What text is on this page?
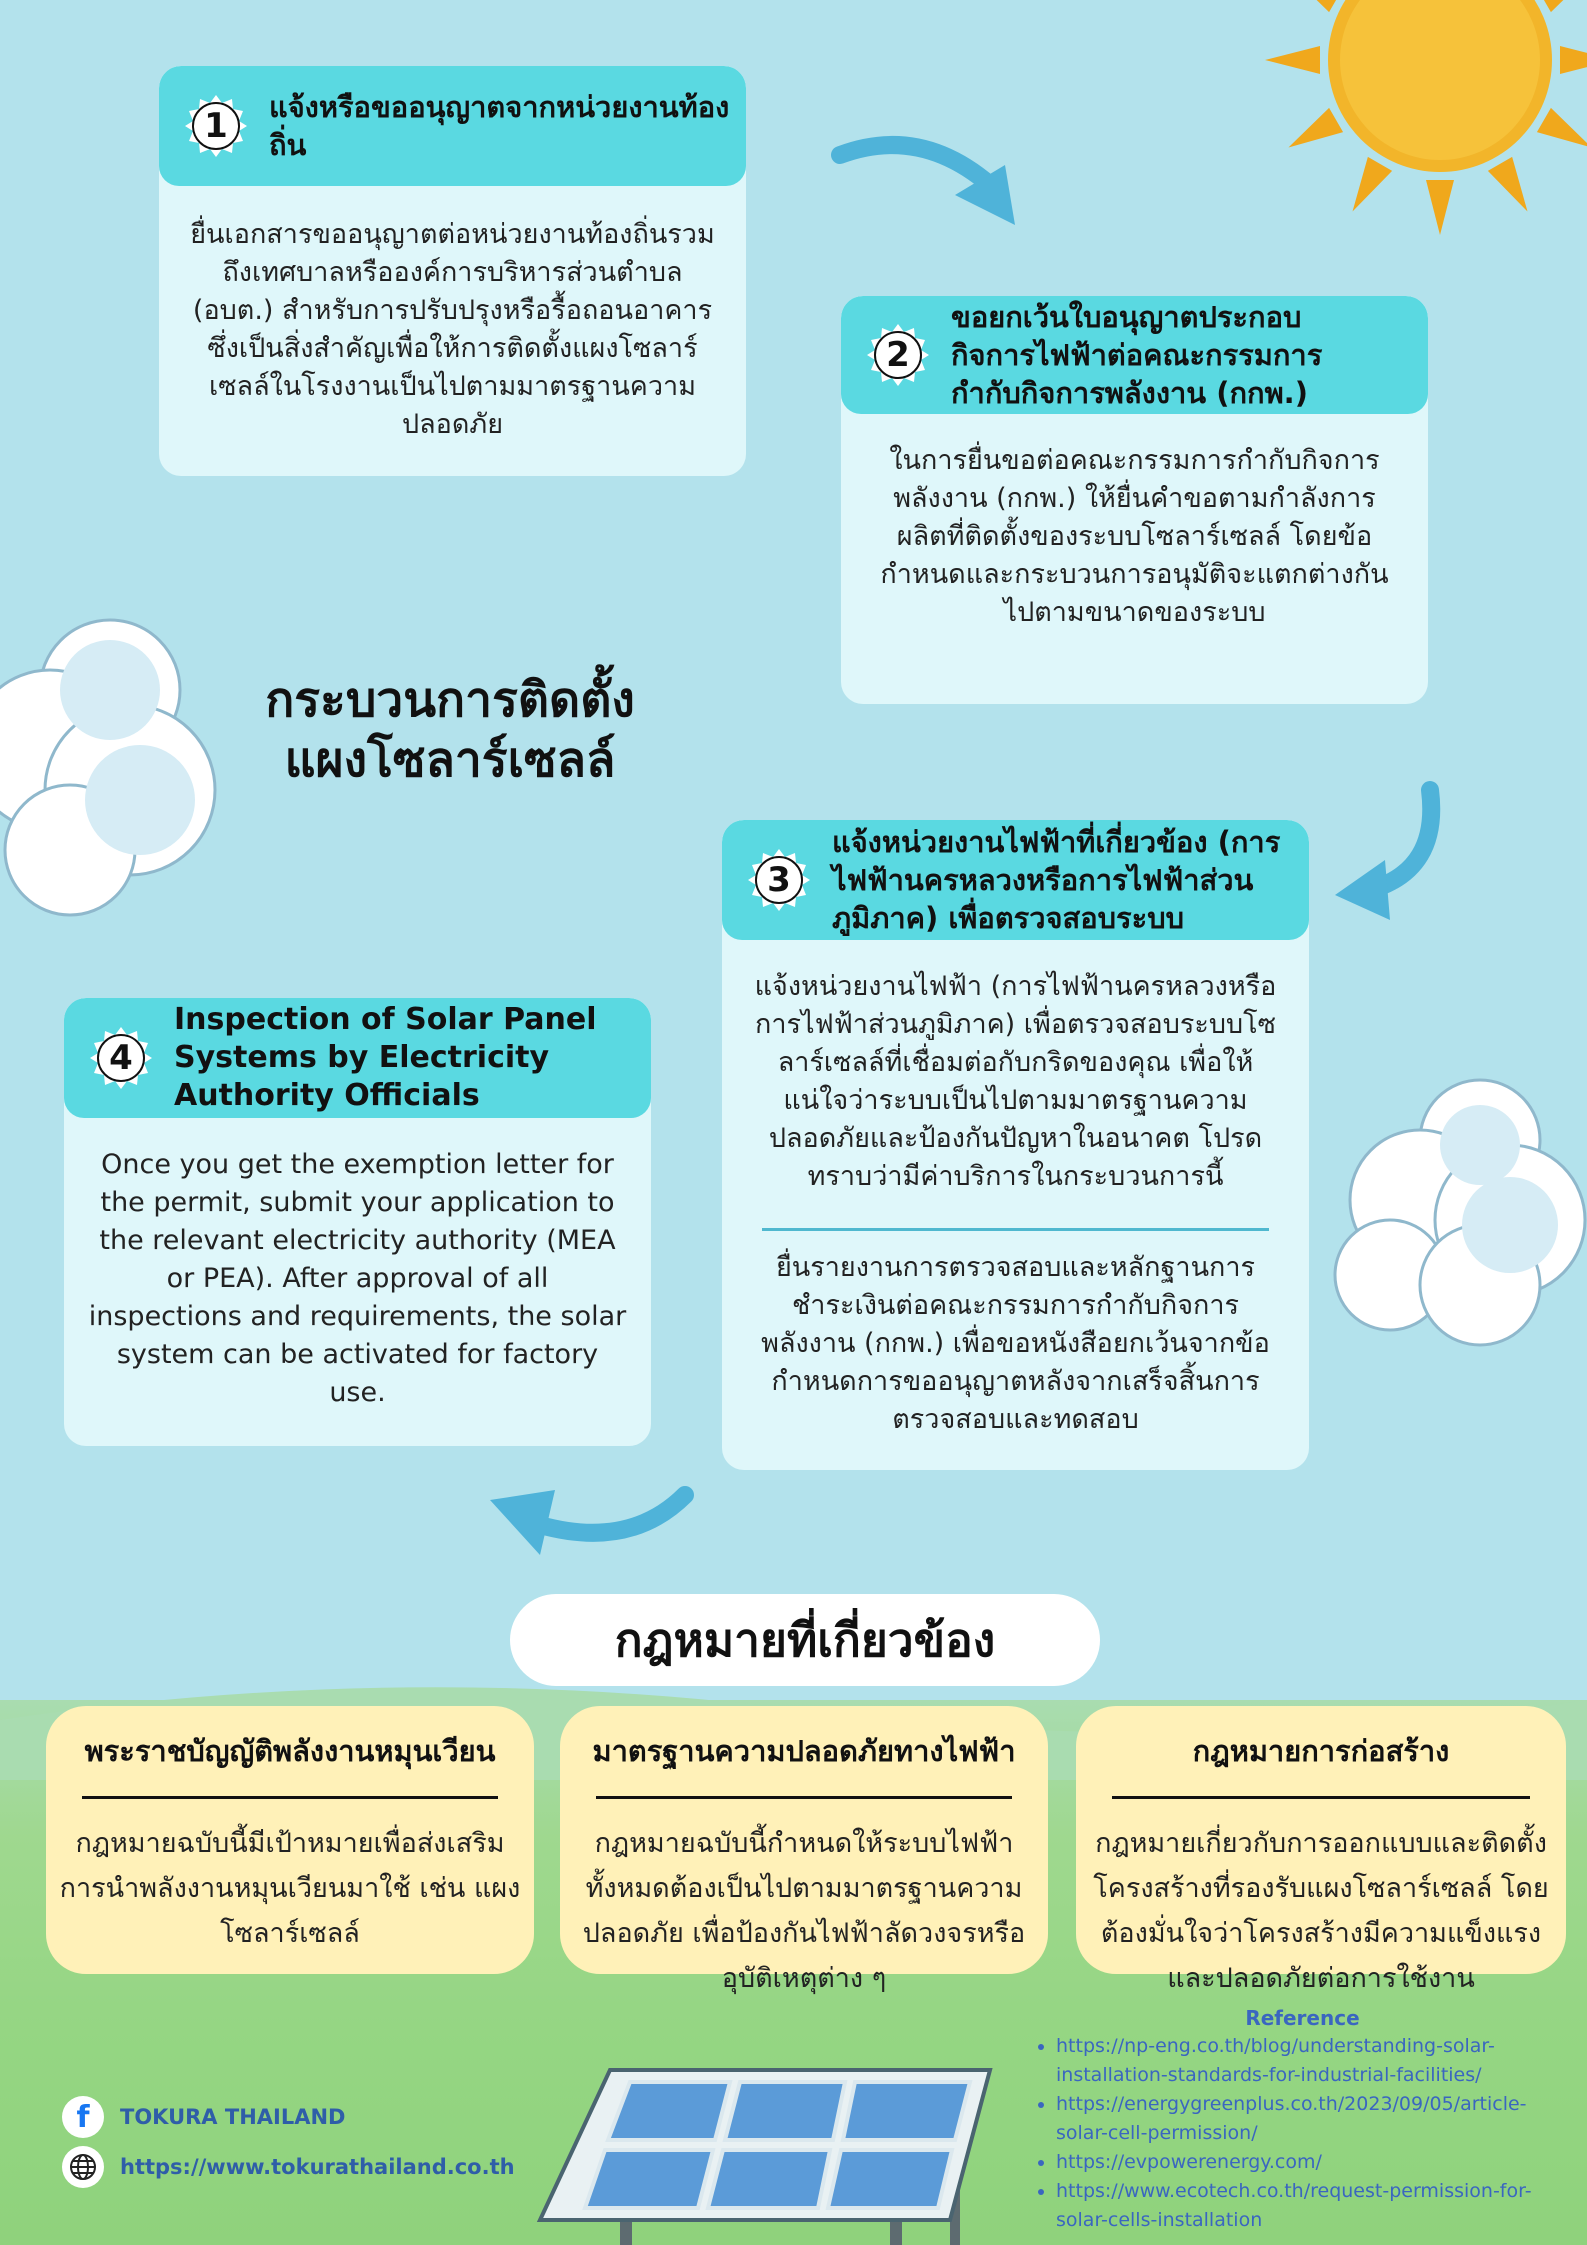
กระบวนการติดตั้ง
แผงโซลาร์เซลล์
1	แจ้งหรือขออนุญาตจากหน่วยงานท้องถิ่น
ยื่นเอกสารขออนุญาตต่อหน่วยงานท้องถิ่นรวมถึงเทศบาลหรือองค์การบริหารส่วนตำบล (อบต.) สำหรับการปรับปรุงหรือรื้อถอนอาคารซึ่งเป็นสิ่งสำคัญเพื่อให้การติดตั้งแผงโซลาร์เซลล์ในโรงงานเป็นไปตามมาตรฐานความปลอดภัย
2
ขอยกเว้นใบอนุญาตประกอบกิจการไฟฟ้าต่อคณะกรรมการกำกับกิจการพลังงาน (กกพ.)
ในการยื่นขอต่อคณะกรรมการกำกับกิจการพลังงาน (กกพ.) ให้ยื่นคำขอตามกำลังการผลิตที่ติดตั้งของระบบโซลาร์เซลล์ โดยข้อกำหนดและกระบวนการอนุมัติจะแตกต่างกันไปตามขนาดของระบบ
3
แจ้งหน่วยงานไฟฟ้าที่เกี่ยวข้อง (การไฟฟ้านครหลวงหรือการไฟฟ้าส่วนภูมิภาค) เพื่อตรวจสอบระบบ
แจ้งหน่วยงานไฟฟ้า (การไฟฟ้านครหลวงหรือการไฟฟ้าส่วนภูมิภาค) เพื่อตรวจสอบระบบโซลาร์เซลล์ที่เชื่อมต่อกับกริดของคุณ เพื่อให้แน่ใจว่าระบบเป็นไปตามมาตรฐานความปลอดภัยและป้องกันปัญหาในอนาคต โปรดทราบว่ามีค่าบริการในกระบวนการนี้
ยื่นรายงานการตรวจสอบและหลักฐานการชำระเงินต่อคณะกรรมการกำกับกิจการพลังงาน (กกพ.) เพื่อขอหนังสือยกเว้นจากข้อกำหนดการขออนุญาตหลังจากเสร็จสิ้นการตรวจสอบและทดสอบ
4
Inspection of Solar Panel Systems by Electricity Authority Officials
Once you get the exemption letter for the permit, submit your application to the relevant electricity authority (MEA or PEA). After approval of all inspections and requirements, the solar system can be activated for factory use.
กฎหมายที่เกี่ยวข้อง
พระราชบัญญัติพลังงานหมุนเวียน
กฎหมายฉบับนี้มีเป้าหมายเพื่อส่งเสริมการนำพลังงานหมุนเวียนมาใช้ เช่น แผงโซลาร์เซลล์
มาตรฐานความปลอดภัยทางไฟฟ้า
กฎหมายฉบับนี้กำหนดให้ระบบไฟฟ้าทั้งหมดต้องเป็นไปตามมาตรฐานความปลอดภัย เพื่อป้องกันไฟฟ้าลัดวงจรหรืออุบัติเหตุต่าง ๆ
กฎหมายการก่อสร้าง
กฎหมายเกี่ยวกับการออกแบบและติดตั้งโครงสร้างที่รองรับแผงโซลาร์เซลล์ โดยต้องมั่นใจว่าโครงสร้างมีความแข็งแรงและปลอดภัยต่อการใช้งาน
f TOKURA THAILAND
https://www.tokurathailand.co.th
Reference
• https://np-eng.co.th/blog/understanding-solar-installation-standards-for-industrial-facilities/
• https://energygreenplus.co.th/2023/09/05/article-solar-cell-permission/
• https://evpowerenergy.com/
• https://www.ecotech.co.th/request-permission-for-solar-cells-installation
